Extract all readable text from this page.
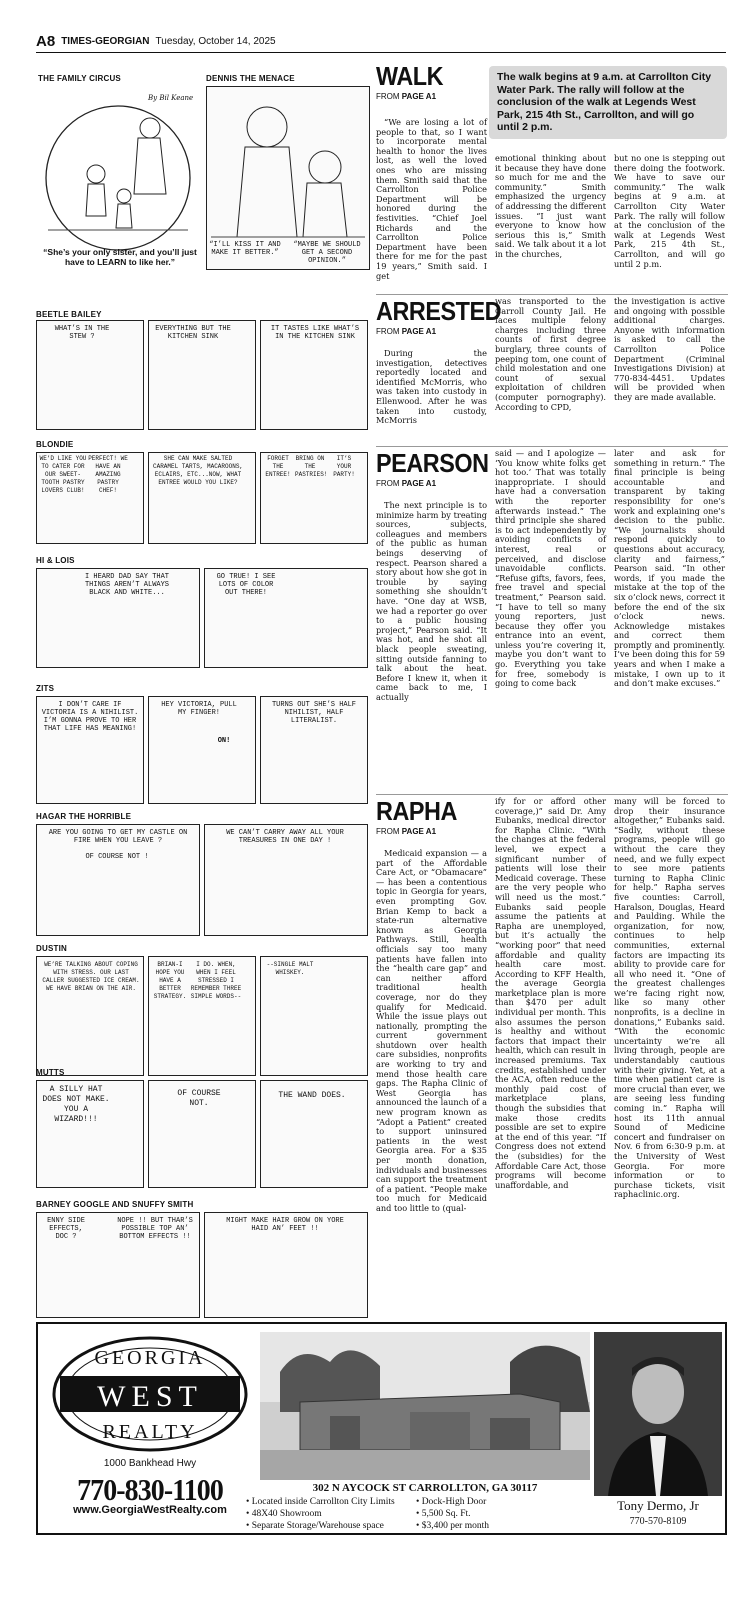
A8 TIMES-GEORGIAN Tuesday, October 14, 2025
THE FAMILY CIRCUS	DENNIS THE MENACE
By Bil Keane
“She’s your only sister, and you’ll just have to LEARN to like her.”
“I’LL KISS IT AND MAKE IT BETTER.”
“MAYBE WE SHOULD GET A SECOND OPINION.”
BEETLE BAILEY
WHAT’S IN THE STEW ?
EVERYTHING BUT THE KITCHEN SINK
IT TASTES LIKE WHAT’S IN THE KITCHEN SINK
BLONDIE
WE’D LIKE YOU TO CATER FOR OUR SWEET-TOOTH PASTRY LOVERS CLUB!
PERFECT! WE HAVE AN AMAZING PASTRY CHEF!
SHE CAN MAKE SALTED CARAMEL TARTS, MACAROONS, ECLAIRS, ETC...NOW, WHAT ENTREE WOULD YOU LIKE?
FORGET THE ENTREE!
BRING ON THE PASTRIES!
IT’S YOUR PARTY!
HI & LOIS
I HEARD DAD SAY THAT THINGS AREN’T ALWAYS BLACK AND WHITE...
GO TRUE! I SEE LOTS OF COLOR OUT THERE!
ZITS
I DON’T CARE IF VICTORIA IS A NIHILIST. I’M GONNA PROVE TO HER THAT LIFE HAS MEANING!
HEY VICTORIA, PULL MY FINGER!
ON!
TURNS OUT SHE’S HALF NIHILIST, HALF LITERALIST.
HAGAR THE HORRIBLE
ARE YOU GOING TO GET MY CASTLE ON FIRE WHEN YOU LEAVE ?
OF COURSE NOT !
WE CAN’T CARRY AWAY ALL YOUR TREASURES IN ONE DAY !
DUSTIN
WE’RE TALKING ABOUT COPING WITH STRESS. OUR LAST CALLER SUGGESTED ICE CREAM. WE HAVE BRIAN ON THE AIR.
BRIAN-I HOPE YOU HAVE A BETTER STRATEGY.
I DO. WHEN, WHEN I FEEL STRESSED I REMEMBER THREE SIMPLE WORDS--
--SINGLE MALT WHISKEY.
MUTTS
A SILLY HAT DOES NOT MAKE. YOU A WIZARD!!!
OF COURSE NOT.
THE WAND DOES.
BARNEY GOOGLE AND SNUFFY SMITH
ENNY SIDE EFFECTS, DOC ?
NOPE !! BUT THAR’S POSSIBLE TOP AN’ BOTTOM EFFECTS !!
MIGHT MAKE HAIR GROW ON YORE HAID AN’ FEET !!
WALK
FROM PAGE A1
The walk begins at 9 a.m. at Carrollton City Water Park. The rally will follow at the conclusion of the walk at Legends West Park, 215 4th St., Carrollton, and will go until 2 p.m.

“We are losing a lot of people to that, so I want to incorporate mental health to honor the lives lost, as well the loved ones who are missing them. Smith said that the Carrollton Police Department will be honored during the festivities. “Chief Joel Richards and the Carrollton Police Department have been there for me for the past 19 years,” Smith said. I get

emotional thinking about it because they have done so much for me and the community.” Smith emphasized the urgency of addressing the different issues. “I just want everyone to know how serious this is,” Smith said. We talk about it a lot in the churches,

but no one is stepping out there doing the footwork. We have to save our community.” The walk begins at 9 a.m. at Carrollton City Water Park. The rally will follow at the conclusion of the walk at Legends West Park, 215 4th St., Carrollton, and will go until 2 p.m.

ARRESTED
FROM PAGE A1

During the investigation, detectives reportedly located and identified McMorris, who was taken into custody in Ellenwood. After he was taken into custody, McMorris

was transported to the Carroll County Jail. He faces multiple felony charges including three counts of first degree burglary, three counts of peeping tom, one count of child molestation and one count of sexual exploitation of children (computer pornography). According to CPD,

the investigation is active and ongoing with possible additional charges. Anyone with information is asked to call the Carrollton Police Department (Criminal Investigations Division) at 770-834-4451. Updates will be provided when they are made available.

PEARSON
FROM PAGE A1

The next principle is to minimize harm by treating sources, subjects, colleagues and members of the public as human beings deserving of respect. Pearson shared a story about how she got in trouble by saying something she shouldn’t have. “One day at WSB, we had a reporter go over to a public housing project,” Pearson said. “It was hot, and he shot all black people sweating, sitting outside fanning to talk about the heat. Before I knew it, when it came back to me, I actually

said — and I apologize — ‘You know white folks get hot too.’ That was totally inappropriate. I should have had a conversation with the reporter afterwards instead.” The third principle she shared is to act independently by avoiding conflicts of interest, real or perceived, and disclose unavoidable conflicts. “Refuse gifts, favors, fees, free travel and special treatment,” Pearson said. “I have to tell so many young reporters, just because they offer you entrance into an event, unless you’re covering it, maybe you don’t want to go. Everything you take for free, somebody is going to come back

later and ask for something in return.” The final principle is being accountable and transparent by taking responsibility for one’s work and explaining one’s decision to the public. “We journalists should respond quickly to questions about accuracy, clarity and fairness,” Pearson said. “In other words, if you made the mistake at the top of the six o’clock news, correct it before the end of the six o’clock news. Acknowledge mistakes and correct them promptly and prominently. I’ve been doing this for 59 years and when I make a mistake, I own up to it and don’t make excuses.”

RAPHA
FROM PAGE A1

Medicaid expansion — a part of the Affordable Care Act, or “Obamacare” — has been a contentious topic in Georgia for years, even prompting Gov. Brian Kemp to back a state-run alternative known as Georgia Pathways. Still, health officials say too many patients have fallen into the “health care gap” and can neither afford traditional health coverage, nor do they qualify for Medicaid. While the issue plays out nationally, prompting the current government shutdown over health care subsidies, nonprofits are working to try and mend those health care gaps. The Rapha Clinic of West Georgia has announced the launch of a new program known as “Adopt a Patient” created to support uninsured patients in the west Georgia area. For a $35 per month donation, individuals and businesses can support the treatment of a patient. “People make too much for Medicaid and too little to (qual-

ify for or afford other coverage,)” said Dr. Amy Eubanks, medical director for Rapha Clinic. “With the changes at the federal level, we expect a significant number of patients will lose their Medicaid coverage. These are the very people who will need us the most.” Eubanks said people assume the patients at Rapha are unemployed, but it’s actually the “working poor” that need affordable and quality health care most. According to KFF Health, the average Georgia marketplace plan is more than $470 per adult individual per month. This also assumes the person is healthy and without factors that impact their health, which can result in increased premiums. Tax credits, established under the ACA, often reduce the monthly paid cost of marketplace plans, though the subsidies that make those credits possible are set to expire at the end of this year. “If Congress does not extend the (subsidies) for the Affordable Care Act, those programs will become unaffordable, and

many will be forced to drop their insurance altogether,” Eubanks said. “Sadly, without these programs, people will go without the care they need, and we fully expect to see more patients turning to Rapha Clinic for help.” Rapha serves five counties: Carroll, Haralson, Douglas, Heard and Paulding. While the organization, for now, continues to help communities, external factors are impacting its ability to provide care for all who need it. “One of the greatest challenges we’re facing right now, like so many other nonprofits, is a decline in donations,” Eubanks said. “With the economic uncertainty we’re all living through, people are understandably cautious with their giving. Yet, at a time when patient care is more crucial than ever, we are seeing less funding coming in.” Rapha will host its 11th annual Sound of Medicine concert and fundraiser on Nov. 6 from 6:30-9 p.m. at the University of West Georgia. For more information or to purchase tickets, visit raphaclinic.org.

GEORGIA
WEST
REALTY
1000 Bankhead Hwy
770-830-1100
www.GeorgiaWestRealty.com
302 N AYCOCK ST CARROLLTON, GA 30117
• Located inside Carrollton City Limits	• Dock-High Door
• 48X40 Showroom	• 5,500 Sq. Ft.
• Separate Storage/Warehouse space	• $3,400 per month
Tony Dermo, Jr
770-570-8109
